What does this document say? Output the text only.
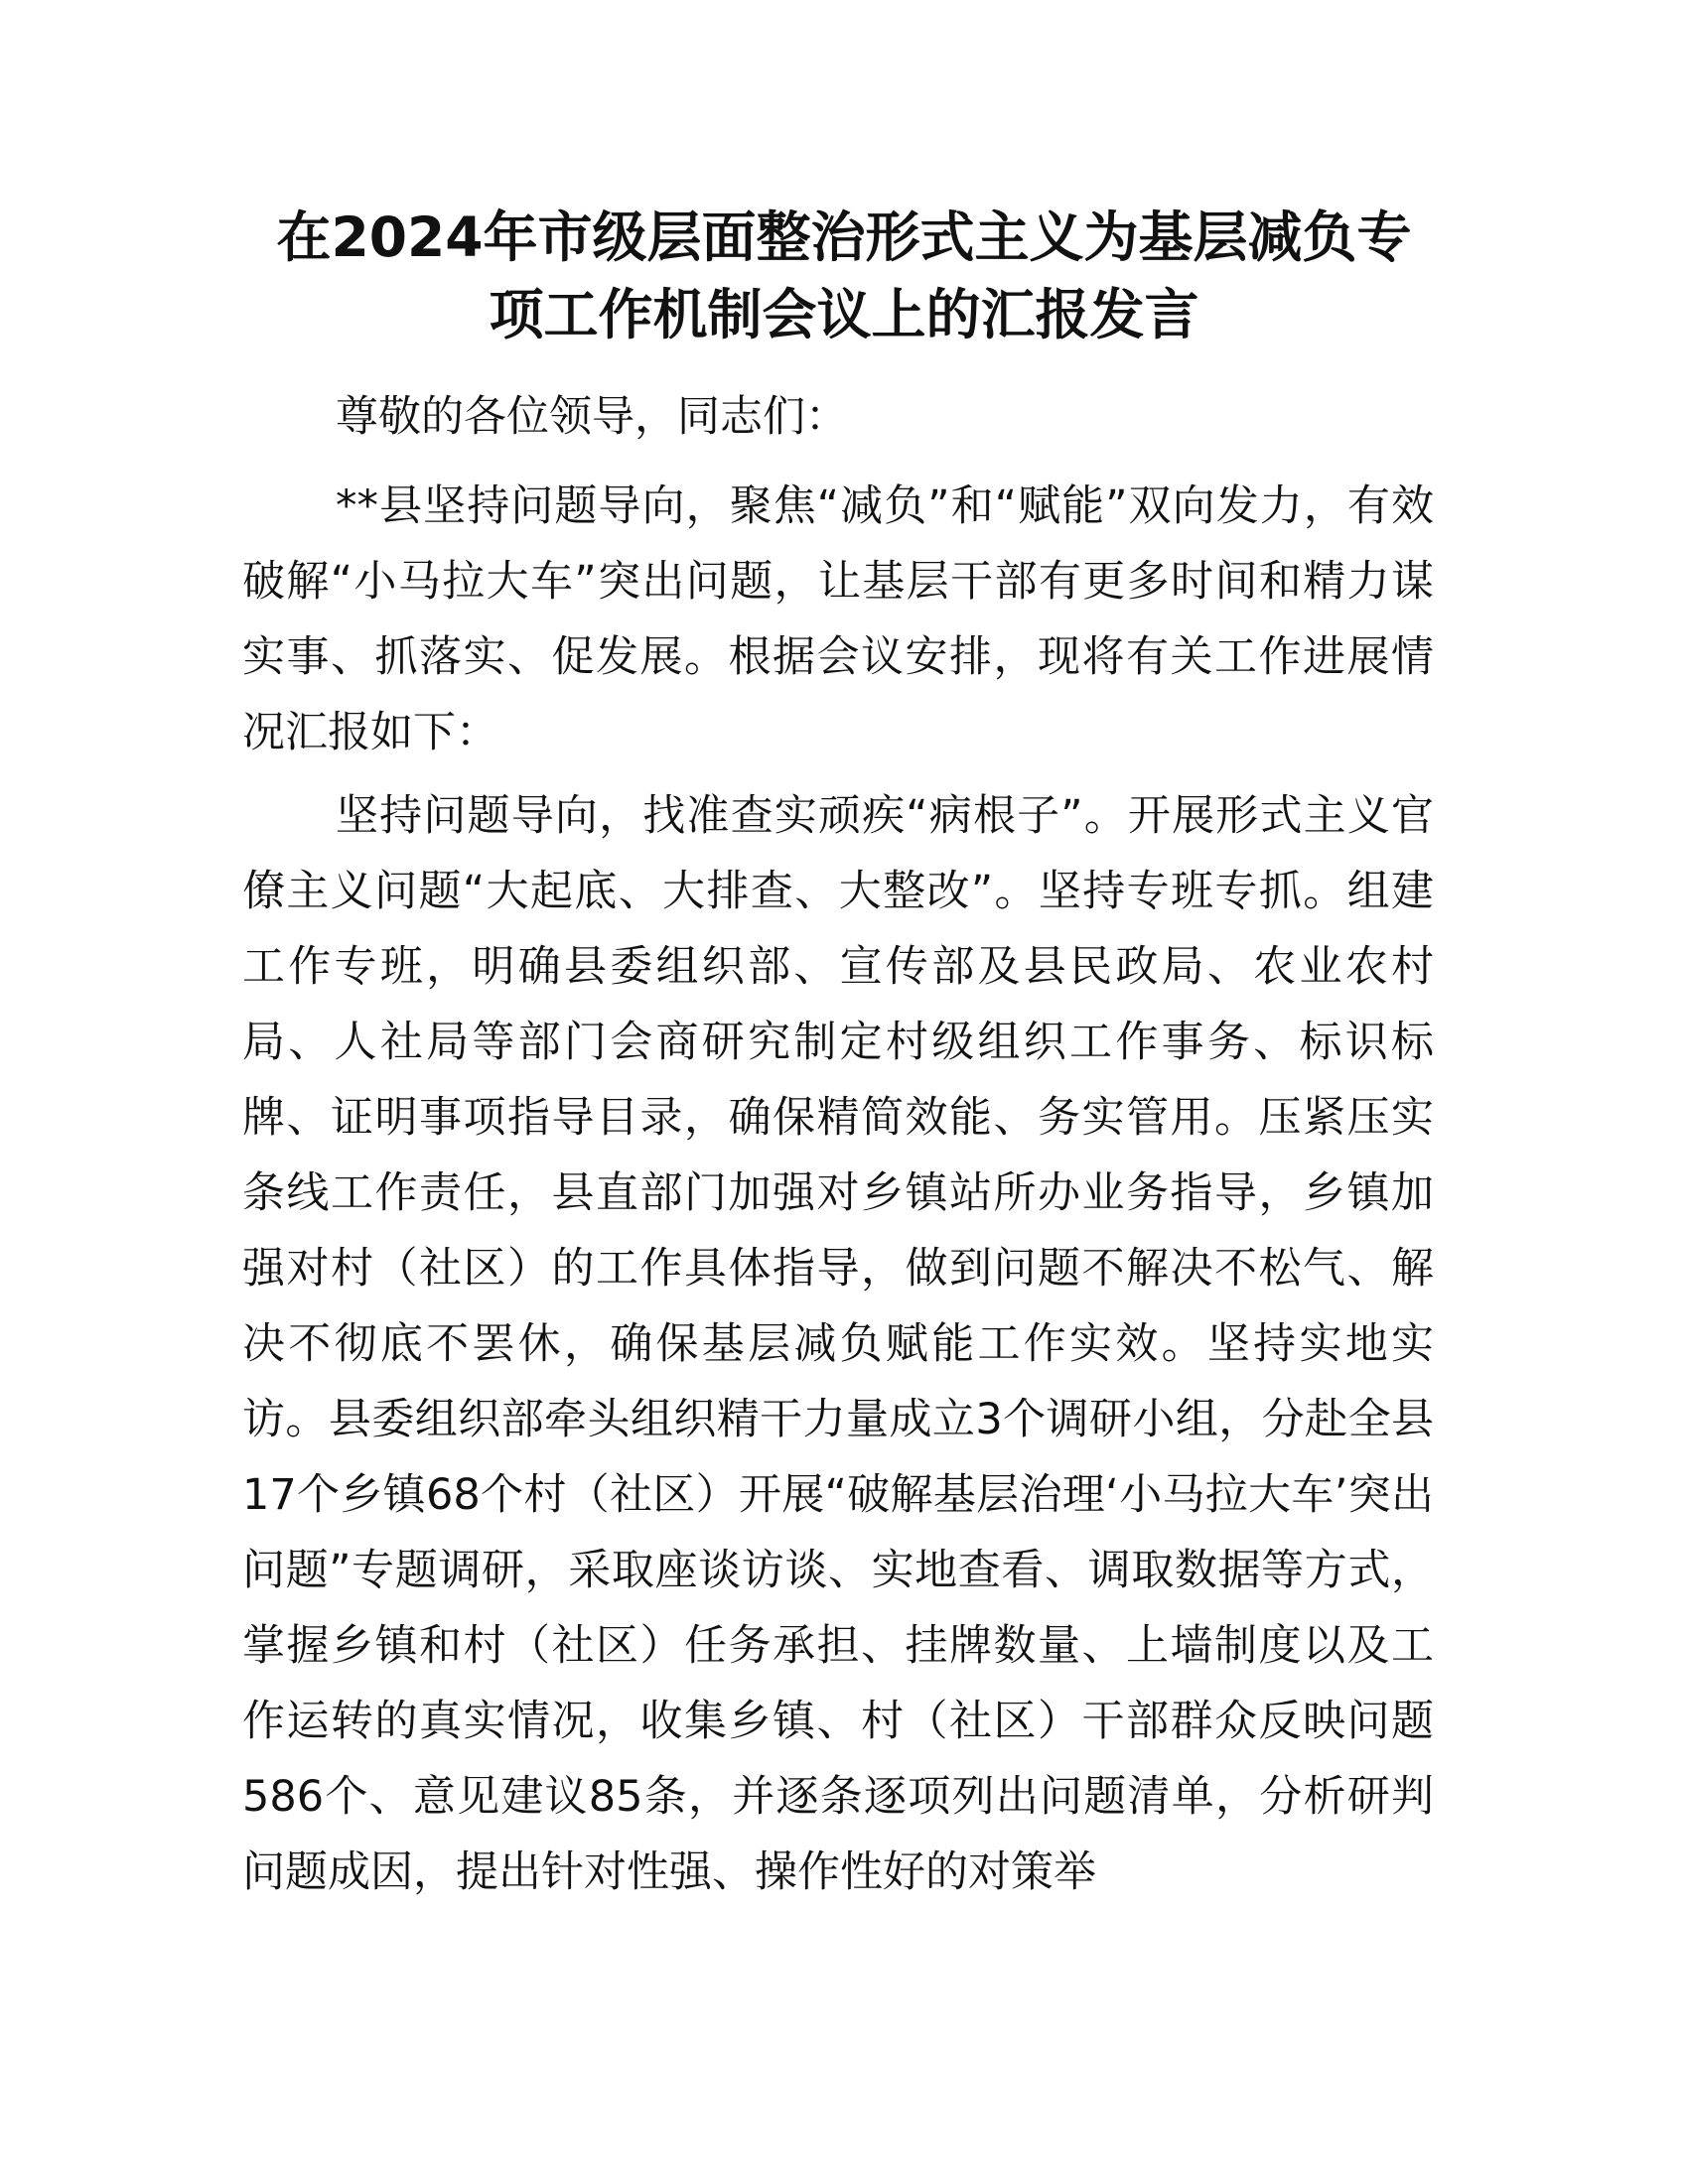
在2024年市级层面整治形式主义为基层减负专
项工作机制会议上的汇报发言

尊敬的各位领导，同志们：

**县坚持问题导向，聚焦“减负”和“赋能”双向发力，有效破解“小马拉大车”突出问题，让基层干部有更多时间和精力谋实事、抓落实、促发展。根据会议安排，现将有关工作进展情况汇报如下：

坚持问题导向，找准查实顽疾“病根子”。开展形式主义官僚主义问题“大起底、大排查、大整改”。坚持专班专抓。组建工作专班，明确县委组织部、宣传部及县民政局、农业农村局、人社局等部门会商研究制定村级组织工作事务、标识标牌、证明事项指导目录，确保精简效能、务实管用。压紧压实条线工作责任，县直部门加强对乡镇站所办业务指导，乡镇加强对村（社区）的工作具体指导，做到问题不解决不松气、解决不彻底不罢休，确保基层减负赋能工作实效。坚持实地实访。县委组织部牵头组织精干力量成立3个调研小组，分赴全县17个乡镇68个村（社区）开展“破解基层治理‘小马拉大车’突出问题”专题调研，采取座谈访谈、实地查看、调取数据等方式，掌握乡镇和村（社区）任务承担、挂牌数量、上墙制度以及工作运转的真实情况，收集乡镇、村（社区）干部群众反映问题586个、意见建议85条，并逐条逐项列出问题清单，分析研判问题成因，提出针对性强、操作性好的对策举
